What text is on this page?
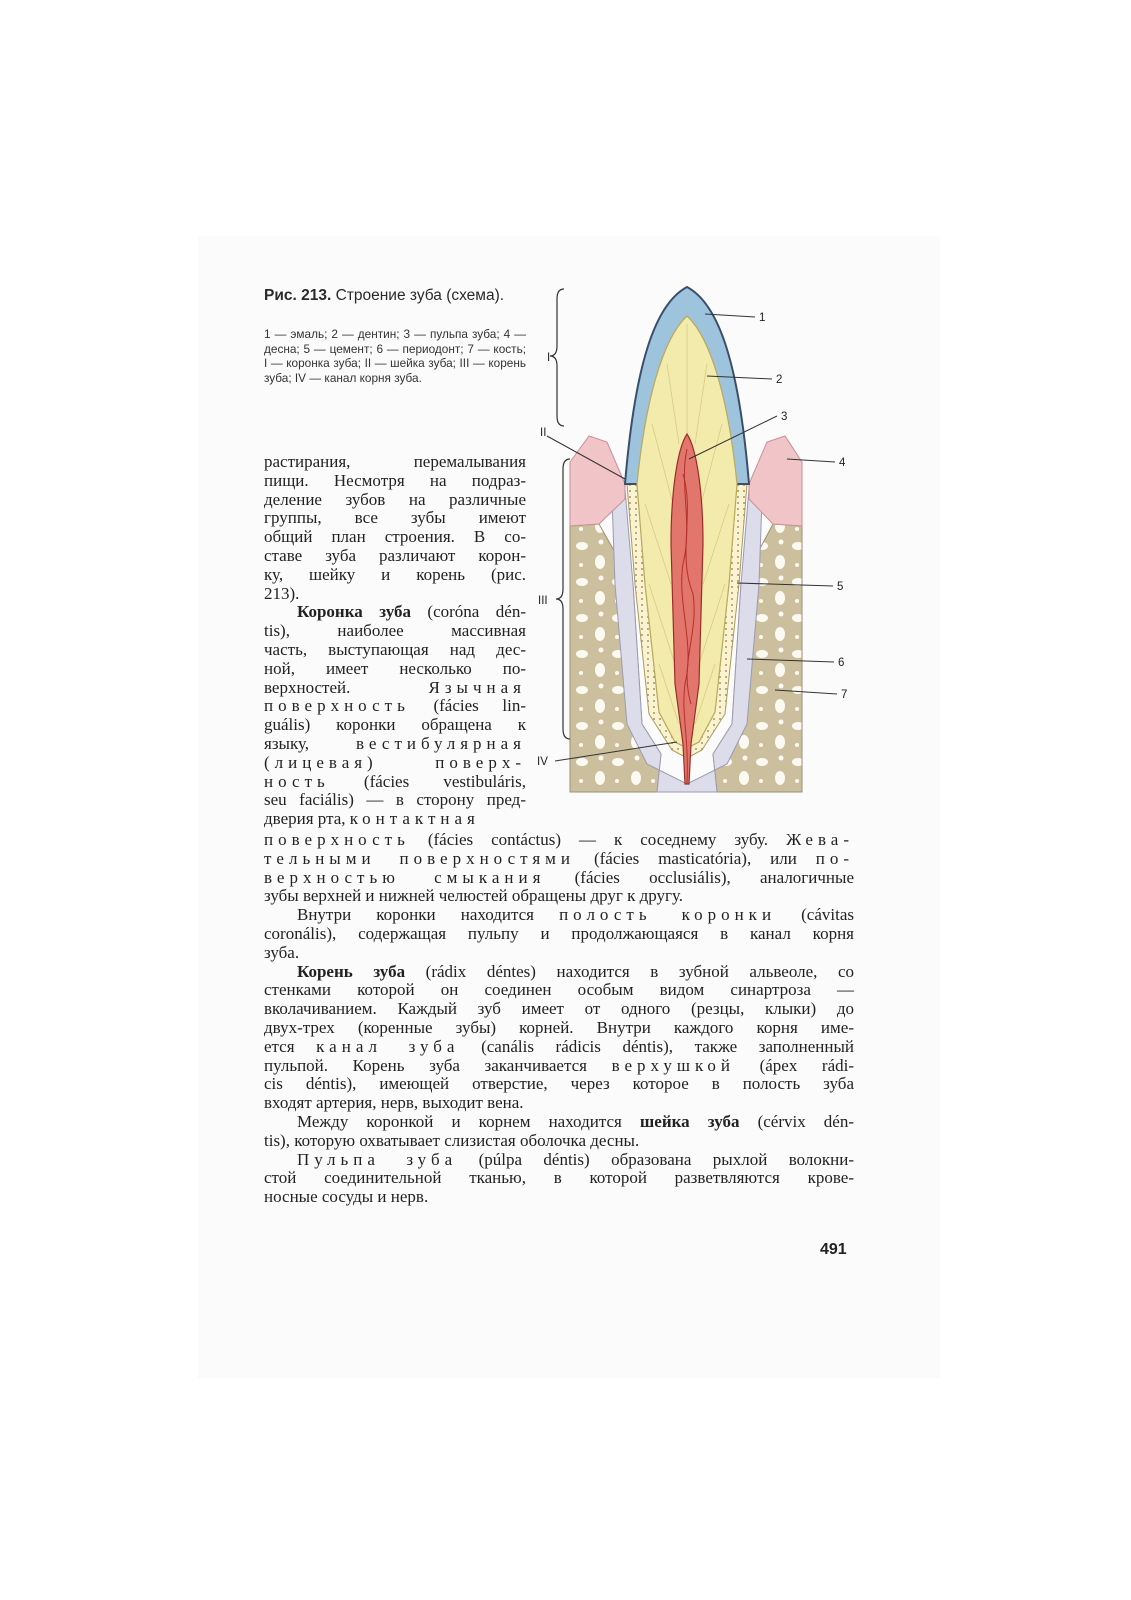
Рис. 213. Строение зуба (схема).
1 — эмаль; 2 — дентин; 3 — пульпа зуба; 4 — десна; 5 — цемент; 6 — периодонт; 7 — кость; I — коронка зуба; II — шейка зуба; III — корень зуба; IV — канал корня зуба.
1
2
3
4
5
6
7
I
II
III
IV

растирания, перемалывания

пищи. Несмотря на подраз-

деление зубов на различные

группы, все зубы имеют

общий план строения. В со-

ставе зуба различают корон-

ку, шейку и корень (рис.

213).

Коронка зуба (coróna dén-

tis), наиболее массивная

часть, выступающая над дес-

ной, имеет несколько по-

верхностей.	Язычная

поверхность (fácies lin-

guális) коронки обращена к

языку, вестибулярная

(лицевая)	поверх-

ность (fácies vestibuláris,

seu faciális) — в сторону пред-

дверия рта, контактная

поверхность (fácies contáctus) — к соседнему зубу. Жева-

тельными поверхностями (fácies masticatória), или по-

верхностью смыкания (fácies occlusiális), аналогичные

зубы верхней и нижней челюстей обращены друг к другу.

Внутри коронки находится полость коронки (cávitas

coronális), содержащая пульпу и продолжающаяся в канал корня

зуба.

Корень зуба (rádix déntes) находится в зубной альвеоле, со

стенками которой он соединен особым видом синартроза —

вколачиванием. Каждый зуб имеет от одного (резцы, клыки) до

двух-трех (коренные зубы) корней. Внутри каждого корня име-

ется канал зуба (canális rádicis déntis), также заполненный

пульпой. Корень зуба заканчивается верхушкой (ápex rádi-

cis déntis), имеющей отверстие, через которое в полость зуба

входят артерия, нерв, выходит вена.

Между коронкой и корнем находится шейка зуба (cérvix dén-

tis), которую охватывает слизистая оболочка десны.

Пульпа зуба (púlpa déntis) образована рыхлой волокни-

стой соединительной тканью, в которой разветвляются крове-

носные сосуды и нерв.

491
